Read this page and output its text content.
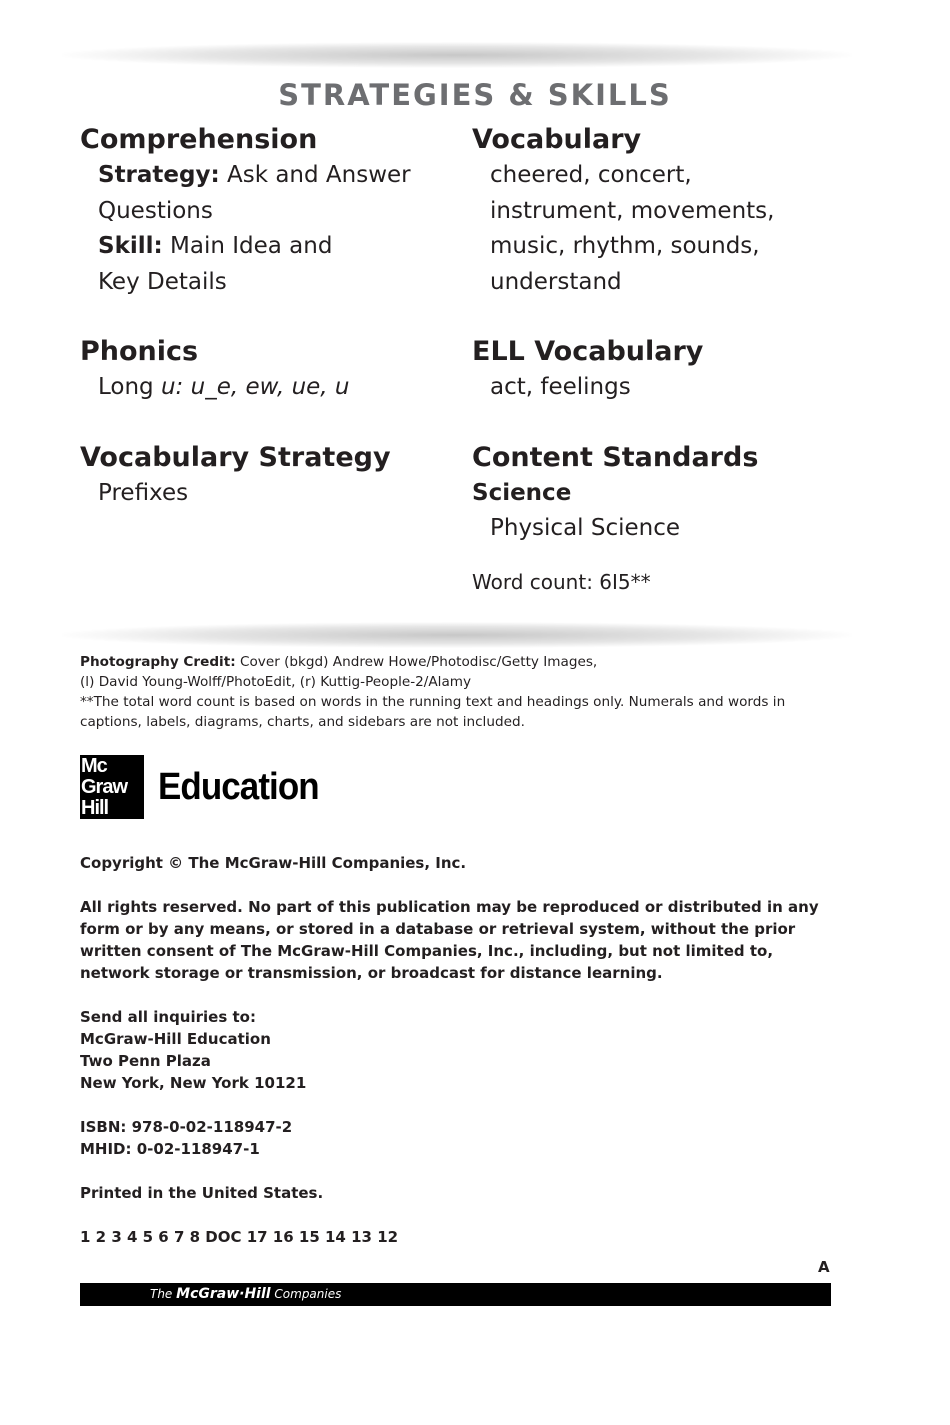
STRATEGIES & SKILLS
Comprehension
Strategy: Ask and Answer
Questions
Skill: Main Idea and
Key Details
Phonics
Long u: u_e, ew, ue, u
Vocabulary Strategy
Prefixes
Vocabulary
cheered, concert,
instrument, movements,
music, rhythm, sounds,
understand
ELL Vocabulary
act, feelings
Content Standards
Science
Physical Science
Word count: 6I5**
Photography Credit: Cover (bkgd) Andrew Howe/Photodisc/Getty Images,
(l) David Young-Wolff/PhotoEdit, (r) Kuttig-People-2/Alamy
**The total word count is based on words in the running text and headings only. Numerals and words in captions, labels, diagrams, charts, and sidebars are not included.
Mc
Graw
Hill
Education

Copyright © The McGraw-Hill Companies, Inc.

All rights reserved. No part of this publication may be reproduced or distributed in any form or by any means, or stored in a database or retrieval system, without the prior written consent of The McGraw-Hill Companies, Inc., including, but not limited to, network storage or transmission, or broadcast for distance learning.

Send all inquiries to:
McGraw-Hill Education
Two Penn Plaza
New York, New York 10121

ISBN: 978-0-02-118947-2
MHID: 0-02-118947-1

Printed in the United States.

1 2 3 4 5 6 7 8 DOC 17 16 15 14 13 12

A
The McGraw·Hill Companies
